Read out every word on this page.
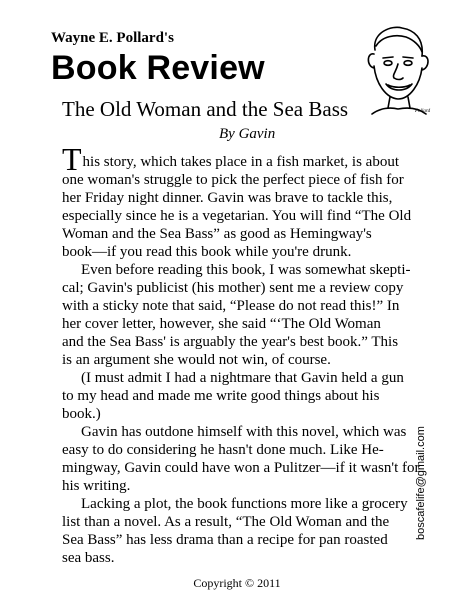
Wayne E. Pollard's
Book Review
Pollard
The Old Woman and the Sea Bass
By Gavin
This story, which takes place in a fish market, is about
one woman's struggle to pick the perfect piece of fish for
her Friday night dinner. Gavin was brave to tackle this,
especially since he is a vegetarian. You will find “The Old
Woman and the Sea Bass” as good as Hemingway's
book—if you read this book while you're drunk.
Even before reading this book, I was somewhat skepti-
cal; Gavin's publicist (his mother) sent me a review copy
with a sticky note that said, “Please do not read this!” In
her cover letter, however, she said “‘The Old Woman
and the Sea Bass' is arguably the year's best book.” This
is an argument she would not win, of course.
(I must admit I had a nightmare that Gavin held a gun
to my head and made me write good things about his
book.)
Gavin has outdone himself with this novel, which was
easy to do considering he hasn't done much. Like He-
mingway, Gavin could have won a Pulitzer—if it wasn't for
his writing.
Lacking a plot, the book functions more like a grocery
list than a novel. As a result, “The Old Woman and the
Sea Bass” has less drama than a recipe for pan roasted
sea bass.
boscafelife@gmail.com
Copyright © 2011
